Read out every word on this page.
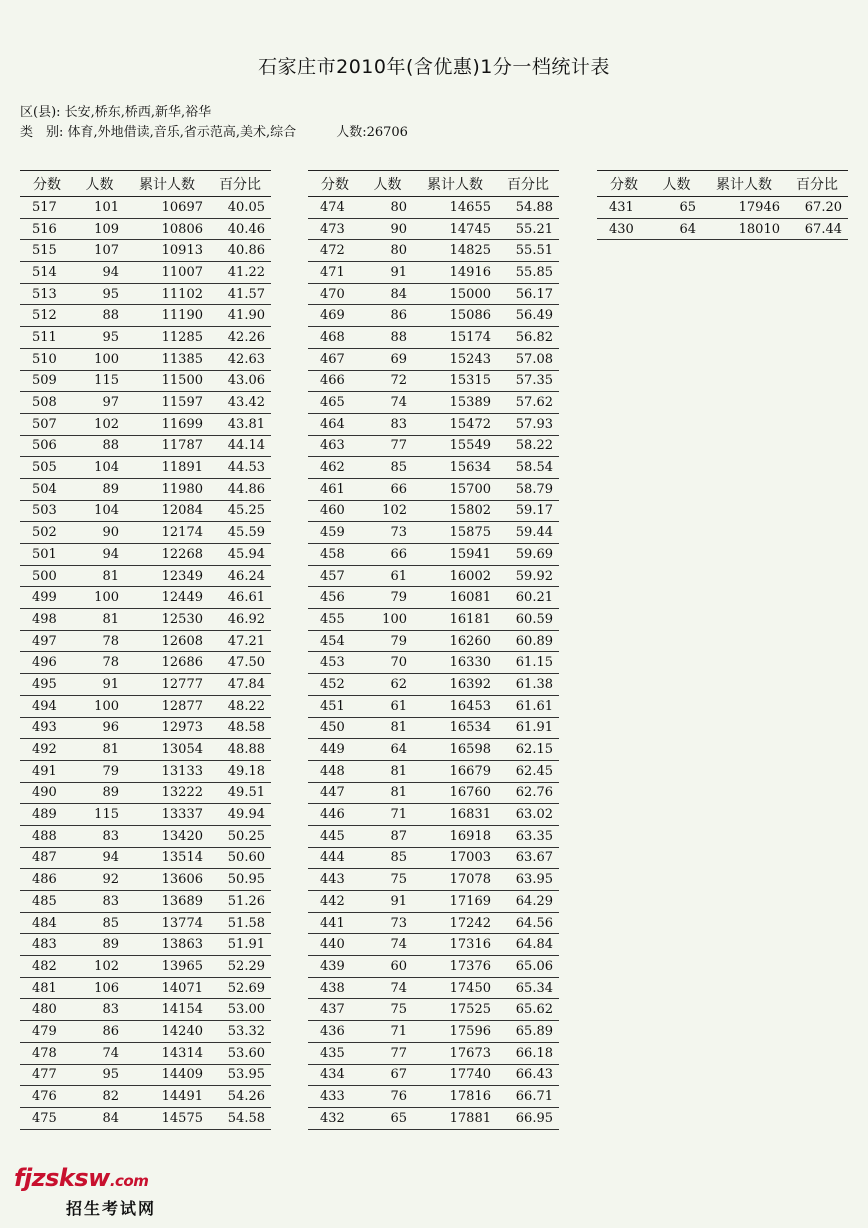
石家庄市2010年(含优惠)1分一档统计表
区(县): 长安,桥东,桥西,新华,裕华
类　别: 体育,外地借读,音乐,省示范高,美术,综合	人数:26706
分数	人数	累计人数	百分比
517	101	10697	40.05
516	109	10806	40.46
515	107	10913	40.86
514	94	11007	41.22
513	95	11102	41.57
512	88	11190	41.90
511	95	11285	42.26
510	100	11385	42.63
509	115	11500	43.06
508	97	11597	43.42
507	102	11699	43.81
506	88	11787	44.14
505	104	11891	44.53
504	89	11980	44.86
503	104	12084	45.25
502	90	12174	45.59
501	94	12268	45.94
500	81	12349	46.24
499	100	12449	46.61
498	81	12530	46.92
497	78	12608	47.21
496	78	12686	47.50
495	91	12777	47.84
494	100	12877	48.22
493	96	12973	48.58
492	81	13054	48.88
491	79	13133	49.18
490	89	13222	49.51
489	115	13337	49.94
488	83	13420	50.25
487	94	13514	50.60
486	92	13606	50.95
485	83	13689	51.26
484	85	13774	51.58
483	89	13863	51.91
482	102	13965	52.29
481	106	14071	52.69
480	83	14154	53.00
479	86	14240	53.32
478	74	14314	53.60
477	95	14409	53.95
476	82	14491	54.26
475	84	14575	54.58
分数	人数	累计人数	百分比
474	80	14655	54.88
473	90	14745	55.21
472	80	14825	55.51
471	91	14916	55.85
470	84	15000	56.17
469	86	15086	56.49
468	88	15174	56.82
467	69	15243	57.08
466	72	15315	57.35
465	74	15389	57.62
464	83	15472	57.93
463	77	15549	58.22
462	85	15634	58.54
461	66	15700	58.79
460	102	15802	59.17
459	73	15875	59.44
458	66	15941	59.69
457	61	16002	59.92
456	79	16081	60.21
455	100	16181	60.59
454	79	16260	60.89
453	70	16330	61.15
452	62	16392	61.38
451	61	16453	61.61
450	81	16534	61.91
449	64	16598	62.15
448	81	16679	62.45
447	81	16760	62.76
446	71	16831	63.02
445	87	16918	63.35
444	85	17003	63.67
443	75	17078	63.95
442	91	17169	64.29
441	73	17242	64.56
440	74	17316	64.84
439	60	17376	65.06
438	74	17450	65.34
437	75	17525	65.62
436	71	17596	65.89
435	77	17673	66.18
434	67	17740	66.43
433	76	17816	66.71
432	65	17881	66.95
分数	人数	累计人数	百分比
431	65	17946	67.20
430	64	18010	67.44
fjzsksw.com
招生考试网
